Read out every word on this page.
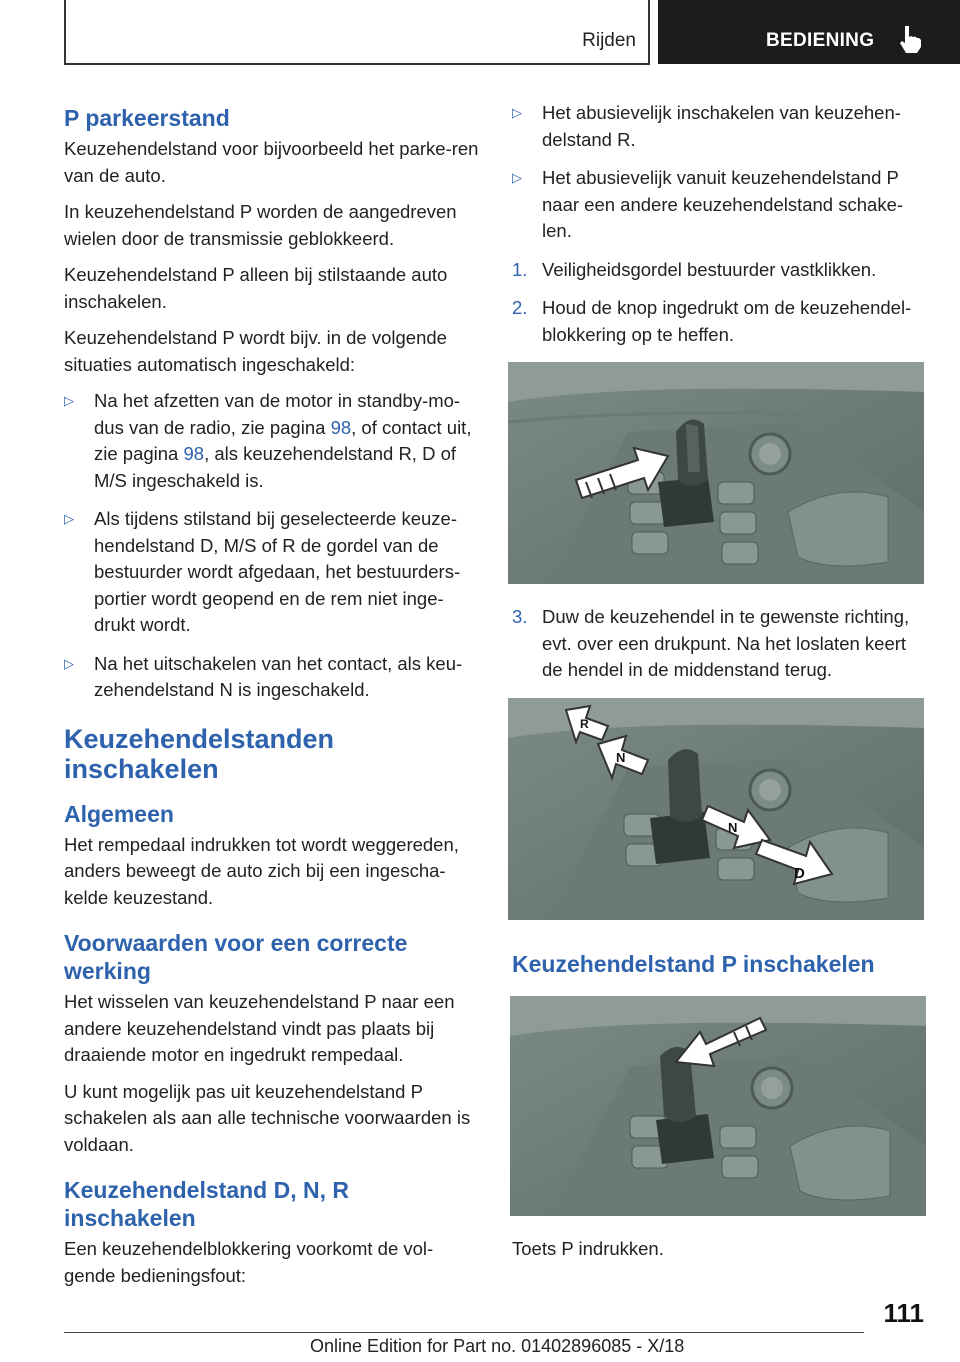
Rijden	BEDIENING
P parkeerstand

Keuzehendelstand voor bijvoorbeeld het parke-ren van de auto.

In keuzehendelstand P worden de aangedreven wielen door de transmissie geblokkeerd.

Keuzehendelstand P alleen bij stilstaande auto inschakelen.

Keuzehendelstand P wordt bijv. in de volgende situaties automatisch ingeschakeld:

▷	Na het afzetten van de motor in standby-mo-dus van de radio, zie pagina 98, of contact uit, zie pagina 98, als keuzehendelstand R, D of M/S ingeschakeld is.
▷	Als tijdens stilstand bij geselecteerde keuze-hendelstand D, M/S of R de gordel van de bestuurder wordt afgedaan, het bestuurders-portier wordt geopend en de rem niet inge-drukt wordt.
▷	Na het uitschakelen van het contact, als keu-zehendelstand N is ingeschakeld.
Keuzehendelstanden
inschakelen
Algemeen

Het rempedaal indrukken tot wordt weggereden, anders beweegt de auto zich bij een ingescha-kelde keuzestand.

Voorwaarden voor een correcte
werking

Het wisselen van keuzehendelstand P naar een andere keuzehendelstand vindt pas plaats bij draaiende motor en ingedrukt rempedaal.

U kunt mogelijk pas uit keuzehendelstand P schakelen als aan alle technische voorwaarden is voldaan.

Keuzehendelstand D, N, R
inschakelen

Een keuzehendelblokkering voorkomt de vol-gende bedieningsfout:

▷	Het abusievelijk inschakelen van keuzehen-delstand R.
▷	Het abusievelijk vanuit keuzehendelstand P naar een andere keuzehendelstand schake-len.
1. Veiligheidsgordel bestuurder vastklikken.
2. Houd de knop ingedrukt om de keuzehendel-blokkering op te heffen.
3. Duw de keuzehendel in te gewenste richting, evt. over een drukpunt. Na het loslaten keert de hendel in de middenstand terug.
R
N
N
D
Keuzehendelstand P inschakelen

Toets P indrukken.

111
Online Edition for Part no. 01402896085 - X/18
